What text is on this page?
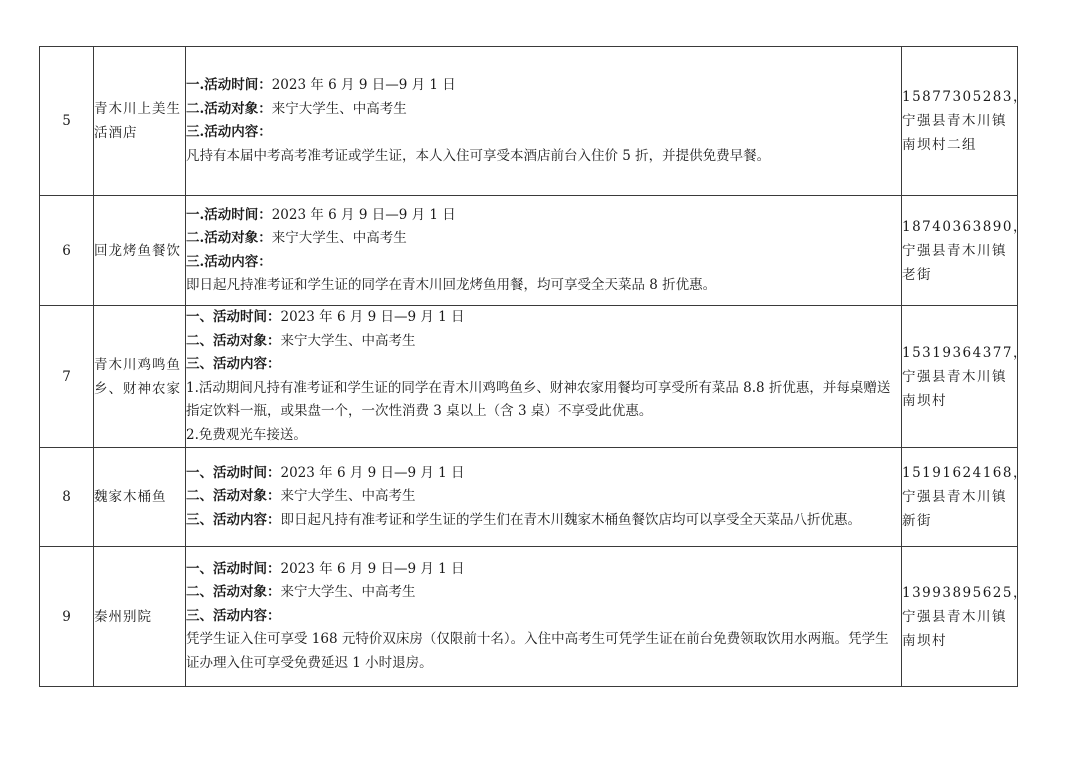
5	青木川上美生活酒店	一.活动时间：2023 年 6 月 9 日—9 月 1 日
二.活动对象：来宁大学生、中高考生
三.活动内容：
凡持有本届中考高考准考证或学生证，本人入住可享受本酒店前台入住价 5 折，并提供免费早餐。	15877305283，
宁强县青木川镇南坝村二组

6	回龙烤鱼餐饮	一.活动时间：2023 年 6 月 9 日—9 月 1 日
二.活动对象：来宁大学生、中高考生
三.活动内容：
即日起凡持准考证和学生证的同学在青木川回龙烤鱼用餐，均可享受全天菜品 8 折优惠。	18740363890，
宁强县青木川镇老街

7	青木川鸡鸣鱼乡、财神农家	一、活动时间：2023 年 6 月 9 日—9 月 1 日
二、活动对象：来宁大学生、中高考生
三、活动内容：
1.活动期间凡持有准考证和学生证的同学在青木川鸡鸣鱼乡、财神农家用餐均可享受所有菜品 8.8 折优惠，并每桌赠送指定饮料一瓶，或果盘一个，一次性消费 3 桌以上（含 3 桌）不享受此优惠。
2.免费观光车接送。	15319364377，
宁强县青木川镇南坝村

8	魏家木桶鱼	一、活动时间：2023 年 6 月 9 日—9 月 1 日
二、活动对象：来宁大学生、中高考生
三、活动内容：即日起凡持有准考证和学生证的学生们在青木川魏家木桶鱼餐饮店均可以享受全天菜品八折优惠。	15191624168，
宁强县青木川镇新街

9	秦州别院	一、活动时间：2023 年 6 月 9 日—9 月 1 日
二、活动对象：来宁大学生、中高考生
三、活动内容：
凭学生证入住可享受 168 元特价双床房（仅限前十名）。入住中高考生可凭学生证在前台免费领取饮用水两瓶。凭学生证办理入住可享受免费延迟 1 小时退房。	13993895625，
宁强县青木川镇南坝村
